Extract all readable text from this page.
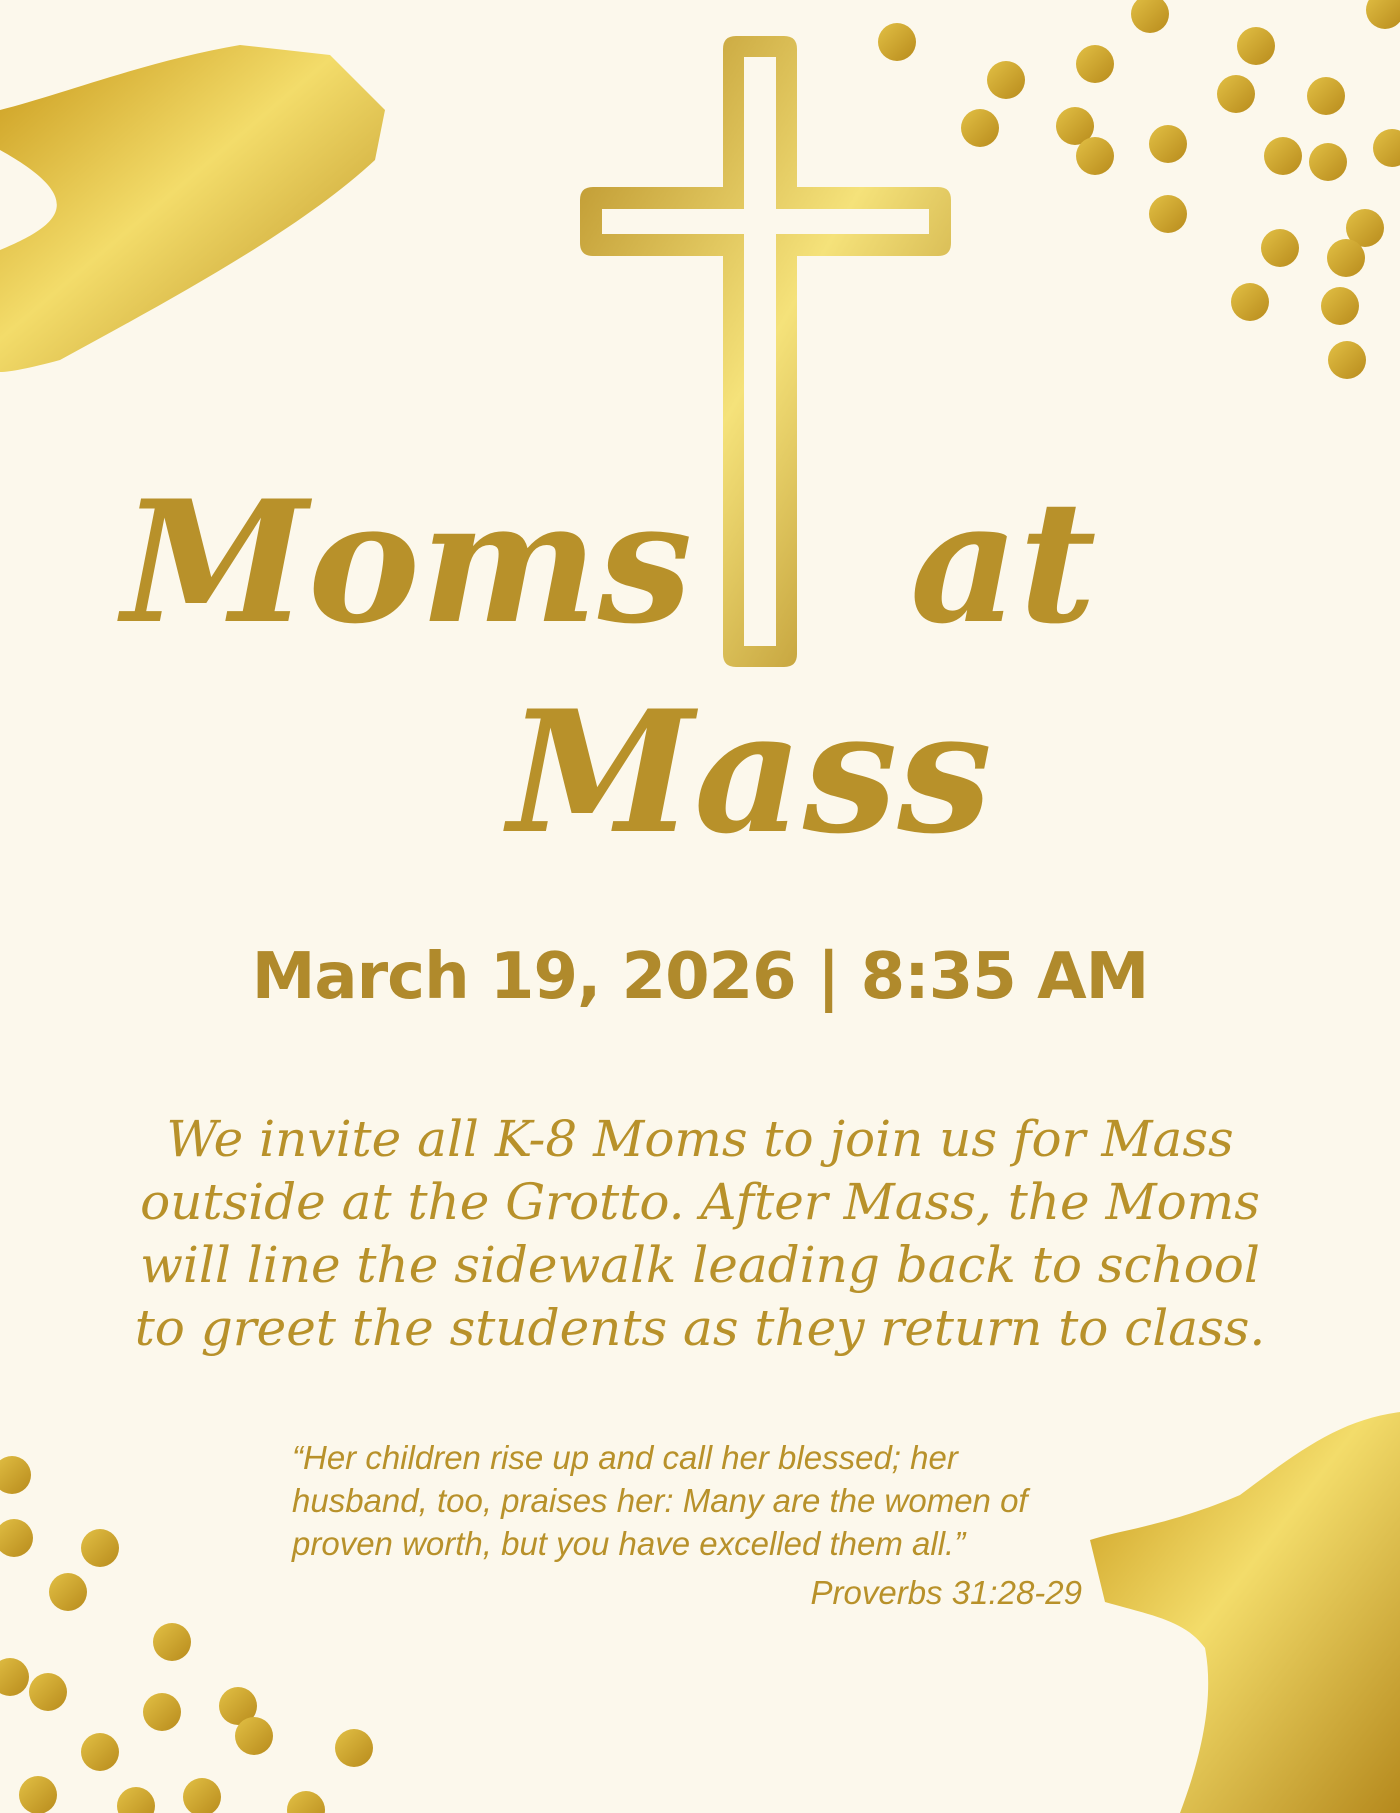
Moms at
Mass
March 19, 2026 | 8:35 AM

We invite all K-8 Moms to join us for Mass outside at the Grotto. After Mass, the Moms will line the sidewalk leading back to school to greet the students as they return to class.

“Her children rise up and call her blessed; her husband, too, praises her: Many are the women of proven worth, but you have excelled them all.”

Proverbs 31:28-29
